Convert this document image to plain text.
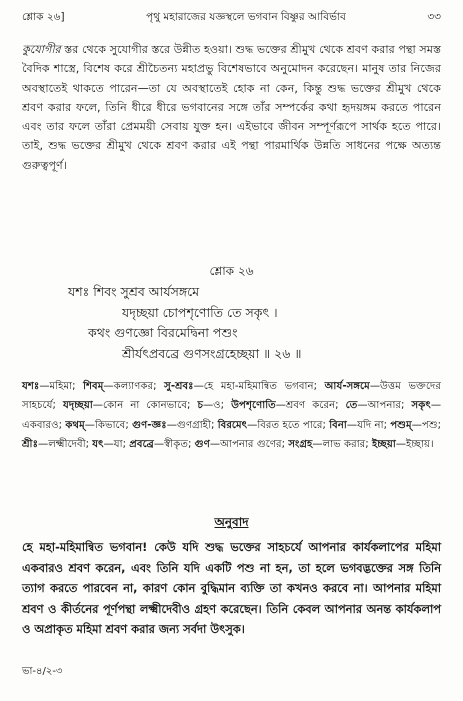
শ্লোক ২৬]	পৃথু মহারাজের যজ্ঞস্থলে ভগবান বিষ্ণুর আবির্ভাব	৩৩

কুযোগীর স্তর থেকে সুযোগীর স্তরে উন্নীত হওয়া। শুদ্ধ ভক্তের শ্রীমুখ থেকে শ্রবণ করার পন্থা সমস্ত বৈদিক শাস্ত্রে, বিশেষ করে শ্রীচৈতন্য মহাপ্রভু বিশেষভাবে অনুমোদন করেছেন। মানুষ তার নিজের অবস্থাতেই থাকতে পারেন—তা যে অবস্থাতেই হোক না কেন, কিন্তু শুদ্ধ ভক্তের শ্রীমুখ থেকে শ্রবণ করার ফলে, তিনি ধীরে ধীরে ভগবানের সঙ্গে তাঁর সম্পর্কের কথা হৃদয়ঙ্গম করতে পারেন এবং তার ফলে তাঁরা প্রেমময়ী সেবায় যুক্ত হন। এইভাবে জীবন সম্পূর্ণরূপে সার্থক হতে পারে। তাই, শুদ্ধ ভক্তের শ্রীমুখ থেকে শ্রবণ করার এই পন্থা পারমার্থিক উন্নতি সাধনের পক্ষে অত্যন্ত গুরুত্বপূর্ণ।

শ্লোক ২৬
যশঃ শিবং সুশ্রব আর্যসঙ্গমে
যদৃচ্ছয়া চোপশৃণোতি তে সকৃৎ ।
কথং গুণজ্ঞো বিরমেদ্বিনা পশুং
শ্রীর্যৎপ্রবব্রে গুণসংগ্রহেচ্ছয়া ॥ ২৬ ॥

যশঃ—মহিমা; শিবম্—কল্যাণকর; সু-শ্রবঃ—হে মহা-মহিমান্বিত ভগবান; আর্য-সঙ্গমে—উত্তম ভক্তদের সাহচর্যে; যদৃচ্ছয়া—কোন না কোনভাবে; চ—ও; উপশৃণোতি—শ্রবণ করেন; তে—আপনার; সকৃৎ—একবারও; কথম্—কিভাবে; গুণ-জ্ঞঃ—গুণগ্রাহী; বিরমেৎ—বিরত হতে পারে; বিনা—যদি না; পশুম্—পশু; শ্রীঃ—লক্ষ্মীদেবী; যৎ—যা; প্রবব্রে—স্বীকৃত; গুণ—আপনার গুণের; সংগ্রহ—লাভ করার; ইচ্ছয়া—ইচ্ছায়।

অনুবাদ

হে মহা-মহিমান্বিত ভগবান! কেউ যদি শুদ্ধ ভক্তের সাহচর্যে আপনার কার্যকলাপের মহিমা একবারও শ্রবণ করেন, এবং তিনি যদি একটি পশু না হন, তা হলে ভগবদ্ভক্তের সঙ্গ তিনি ত্যাগ করতে পারবেন না, কারণ কোন বুদ্ধিমান ব্যক্তি তা কখনও করবে না। আপনার মহিমা শ্রবণ ও কীর্তনের পূর্ণপন্থা লক্ষ্মীদেবীও গ্রহণ করেছেন। তিনি কেবল আপনার অনন্ত কার্যকলাপ ও অপ্রাকৃত মহিমা শ্রবণ করার জন্য সর্বদা উৎসুক।

ভা-৪/২-৩
